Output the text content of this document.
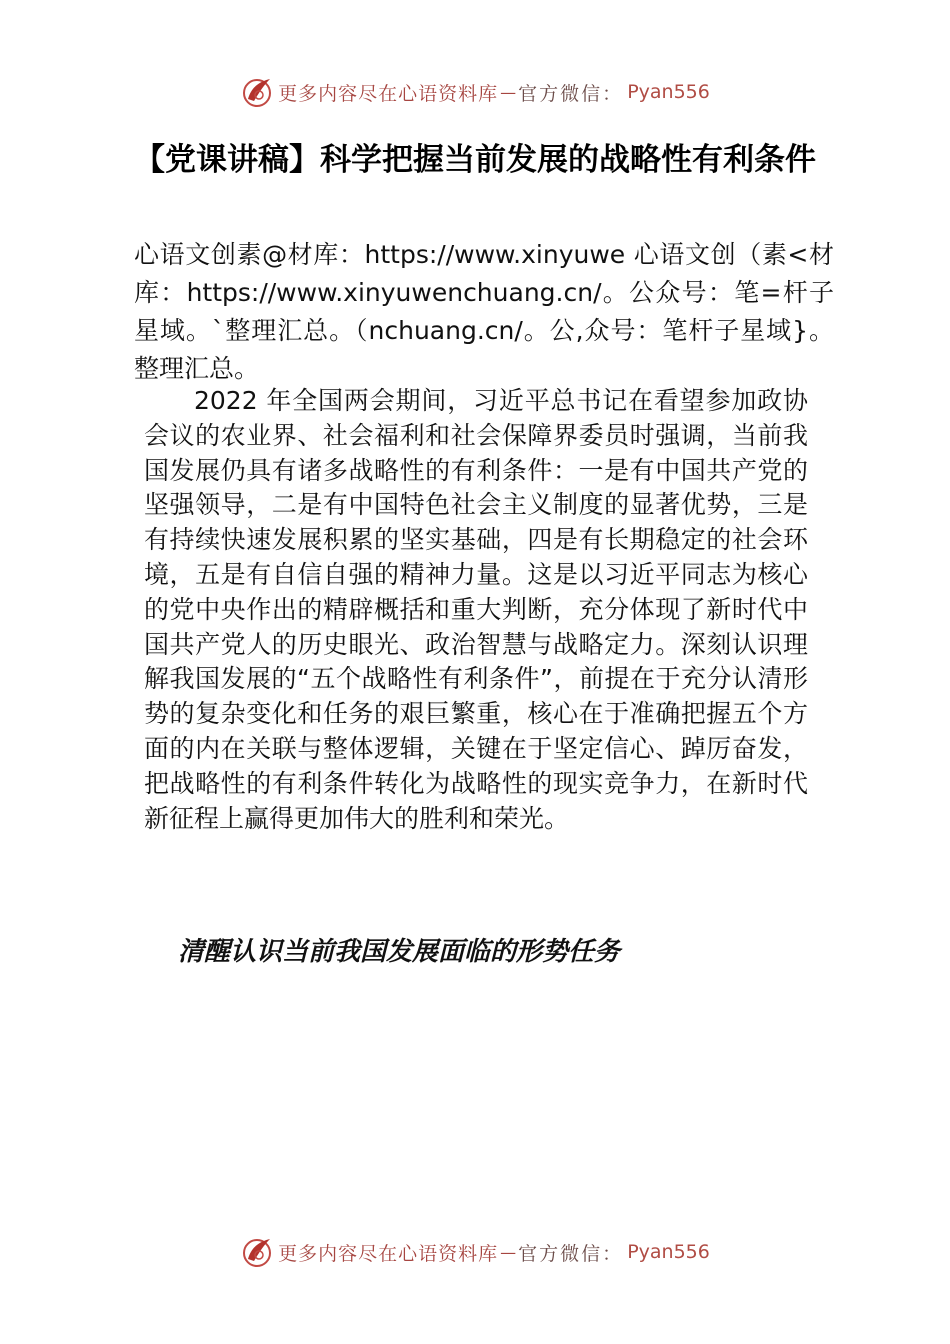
更多内容尽在心语资料库 — 官方微信： Pyan556
【党课讲稿】科学把握当前发展的战略性有利条件
心语文创素@材库：https://www.xinyuwe 心语文创（素<材库：https://www.xinyuwenchuang.cn/。公众号：笔=杆子星域。`整理汇总。（nchuang.cn/。公,众号：笔杆子星域}。整理汇总。

2022 年全国两会期间，习近平总书记在看望参加政协会议的农业界、社会福利和社会保障界委员时强调，当前我国发展仍具有诸多战略性的有利条件：一是有中国共产党的坚强领导，二是有中国特色社会主义制度的显著优势，三是有持续快速发展积累的坚实基础，四是有长期稳定的社会环境，五是有自信自强的精神力量。这是以习近平同志为核心的党中央作出的精辟概括和重大判断，充分体现了新时代中国共产党人的历史眼光、政治智慧与战略定力。深刻认识理解我国发展的“五个战略性有利条件”，前提在于充分认清形势的复杂变化和任务的艰巨繁重，核心在于准确把握五个方面的内在关联与整体逻辑，关键在于坚定信心、踔厉奋发，把战略性的有利条件转化为战略性的现实竞争力，在新时代新征程上赢得更加伟大的胜利和荣光。

清醒认识当前我国发展面临的形势任务
更多内容尽在心语资料库 — 官方微信： Pyan556
